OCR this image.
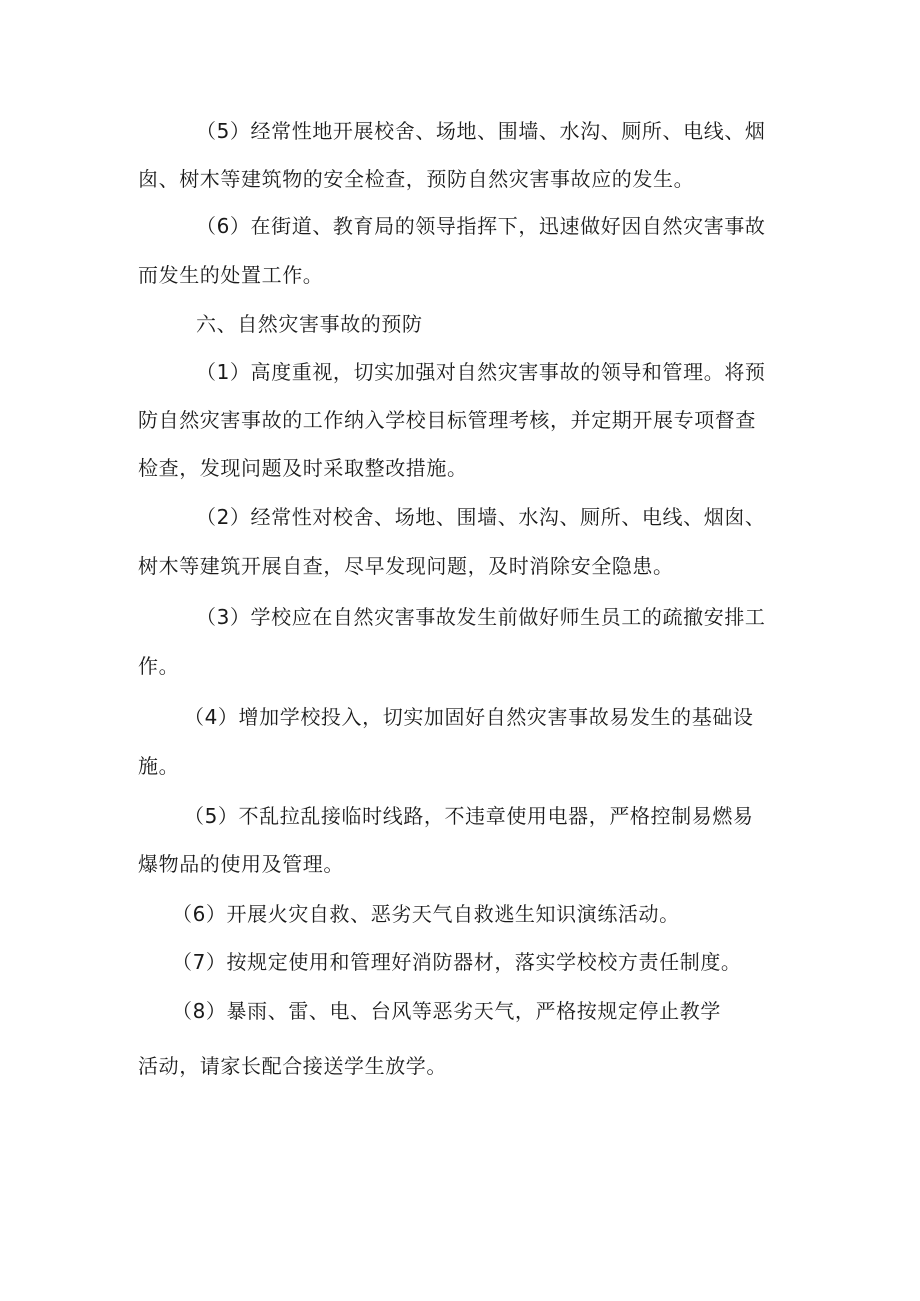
（5）经常性地开展校舍、场地、围墙、水沟、厕所、电线、烟
囱、树木等建筑物的安全检查，预防自然灾害事故应的发生。
（6）在街道、教育局的领导指挥下，迅速做好因自然灾害事故
而发生的处置工作。
六、自然灾害事故的预防
（1）高度重视，切实加强对自然灾害事故的领导和管理。将预
防自然灾害事故的工作纳入学校目标管理考核，并定期开展专项督查
检查，发现问题及时采取整改措施。
（2）经常性对校舍、场地、围墙、水沟、厕所、电线、烟囱、
树木等建筑开展自查，尽早发现问题，及时消除安全隐患。
（3）学校应在自然灾害事故发生前做好师生员工的疏撤安排工
作。
（4）增加学校投入，切实加固好自然灾害事故易发生的基础设
施。
（5）不乱拉乱接临时线路，不违章使用电器，严格控制易燃易
爆物品的使用及管理。
（6）开展火灾自救、恶劣天气自救逃生知识演练活动。
（7）按规定使用和管理好消防器材，落实学校校方责任制度。
（8）暴雨、雷、电、台风等恶劣天气，严格按规定停止教学
活动，请家长配合接送学生放学。
